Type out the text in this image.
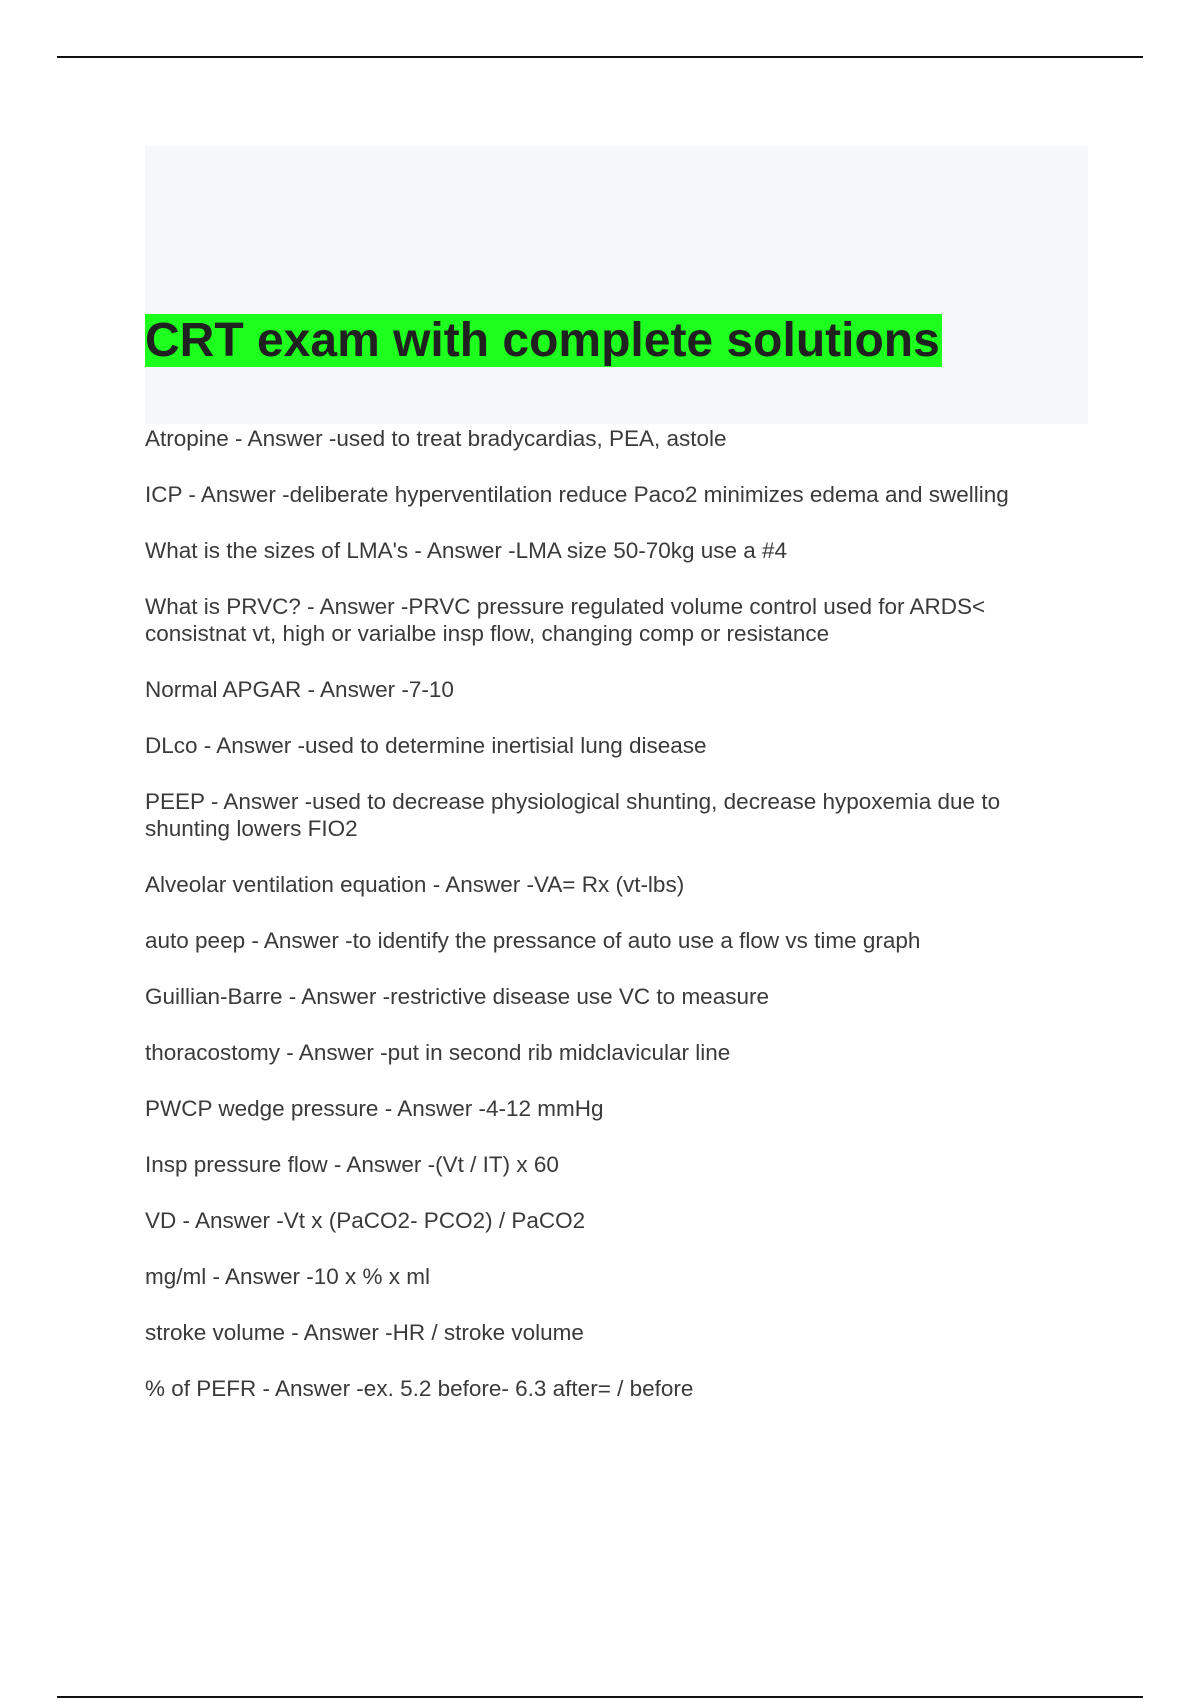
CRT exam with complete solutions
Atropine - Answer -used to treat bradycardias, PEA, astole
ICP - Answer -deliberate hyperventilation reduce Paco2 minimizes edema and swelling
What is the sizes of LMA's - Answer -LMA size 50-70kg use a #4
What is PRVC? - Answer -PRVC pressure regulated volume control used for ARDS< consistnat vt, high or varialbe insp flow, changing comp or resistance
Normal APGAR - Answer -7-10
DLco - Answer -used to determine inertisial lung disease
PEEP - Answer -used to decrease physiological shunting, decrease hypoxemia due to shunting lowers FIO2
Alveolar ventilation equation - Answer -VA= Rx (vt-lbs)
auto peep - Answer -to identify the pressance of auto use a flow vs time graph
Guillian-Barre - Answer -restrictive disease use VC to measure
thoracostomy - Answer -put in second rib midclavicular line
PWCP wedge pressure - Answer -4-12 mmHg
Insp pressure flow - Answer -(Vt / IT) x 60
VD - Answer -Vt x (PaCO2- PCO2) / PaCO2
mg/ml - Answer -10 x % x ml
stroke volume - Answer -HR / stroke volume
% of PEFR - Answer -ex. 5.2 before- 6.3 after= / before
